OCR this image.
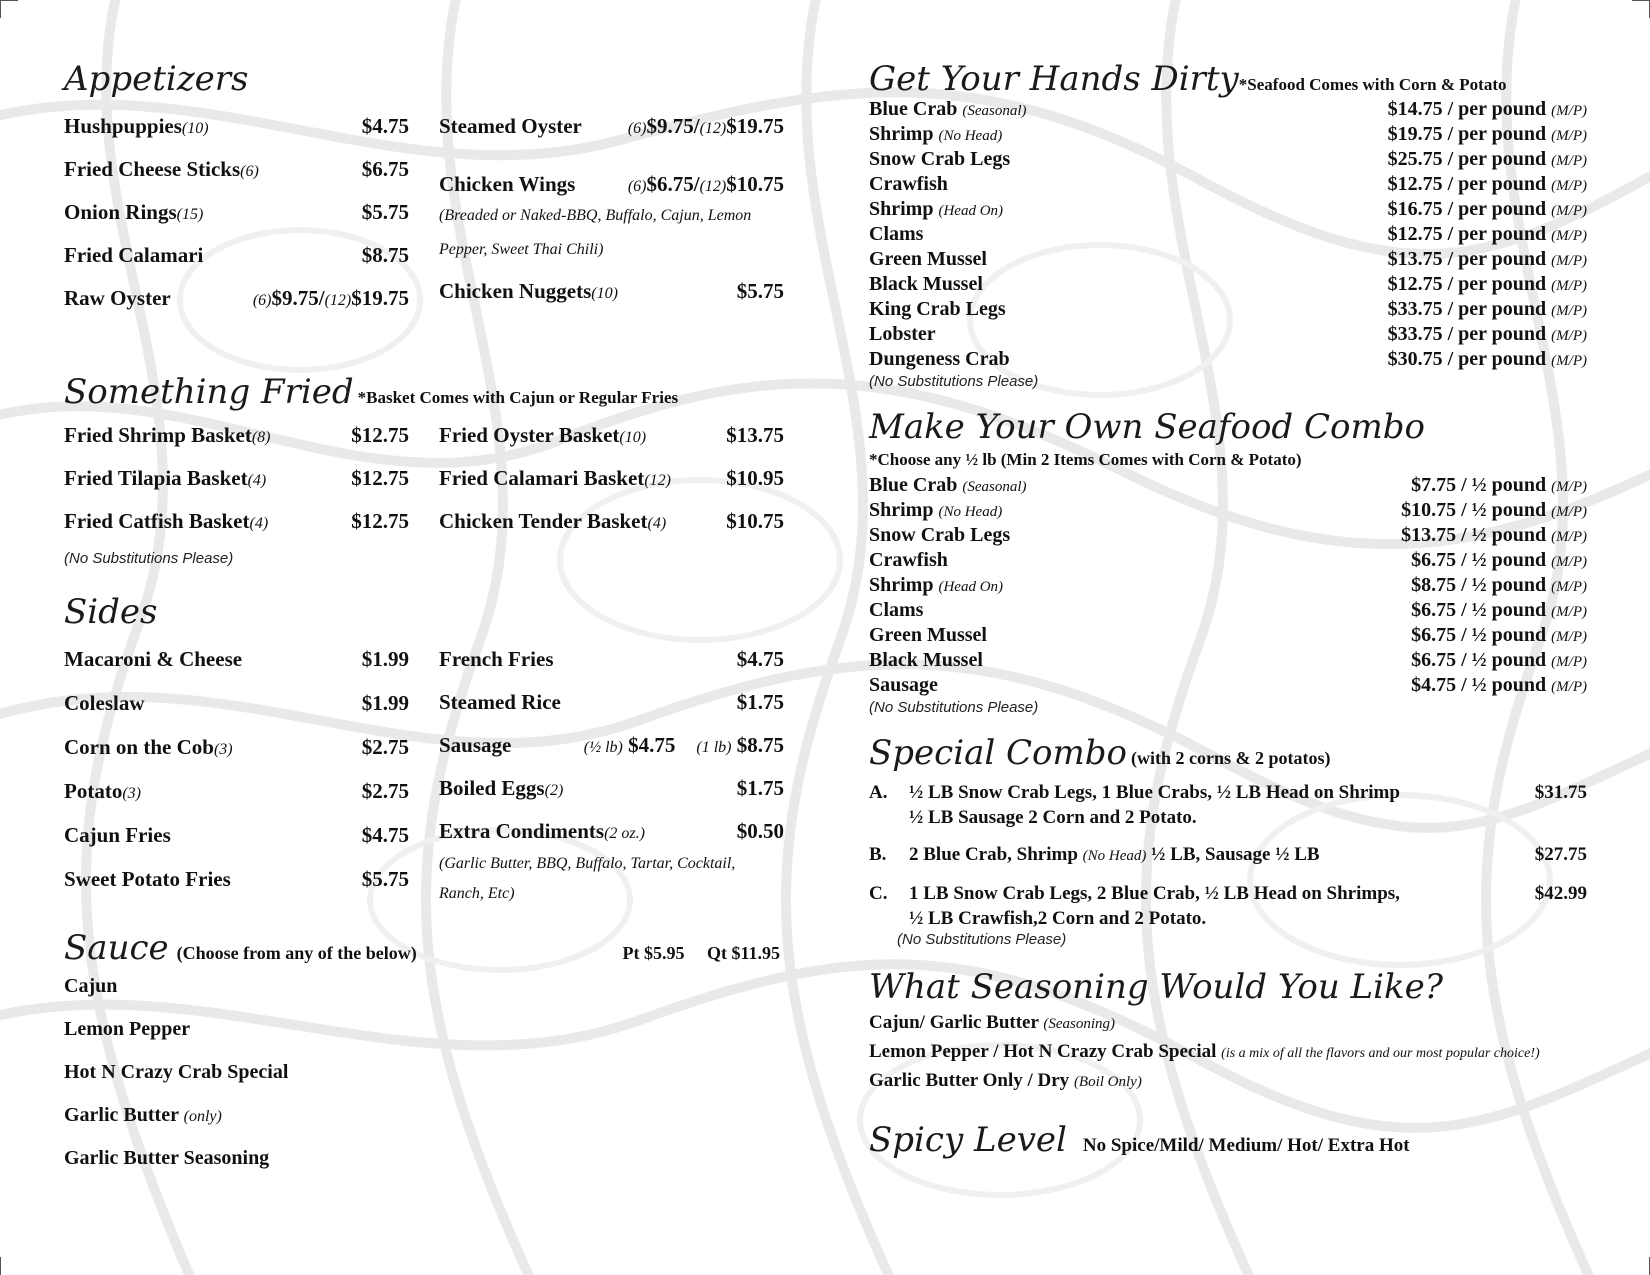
Appetizers
Hushpuppies(10)	$4.75
Fried Cheese Sticks(6)	$6.75
Onion Rings(15)	$5.75
Fried Calamari	$8.75
Raw Oyster	(6)$9.75/(12)$19.75
Steamed Oyster	(6)$9.75/(12)$19.75
Chicken Wings	(6)$6.75/(12)$10.75
(Breaded or Naked-BBQ, Buffalo, Cajun, Lemon Pepper, Sweet Thai Chili)
Chicken Nuggets(10)	$5.75
Something Fried *Basket Comes with Cajun or Regular Fries
Fried Shrimp Basket(8)	$12.75
Fried Tilapia Basket(4)	$12.75
Fried Catfish Basket(4)	$12.75
Fried Oyster Basket(10)	$13.75
Fried Calamari Basket(12)	$10.95
Chicken Tender Basket(4)	$10.75
(No Substitutions Please)
Sides
Macaroni & Cheese	$1.99
Coleslaw	$1.99
Corn on the Cob(3)	$2.75
Potato(3)	$2.75
Cajun Fries	$4.75
Sweet Potato Fries	$5.75
French Fries	$4.75
Steamed Rice	$1.75
Sausage	(½ lb) $4.75 (1 lb) $8.75
Boiled Eggs(2)	$1.75
Extra Condiments(2 oz.)	$0.50
(Garlic Butter, BBQ, Buffalo, Tartar, Cocktail, Ranch, Etc)
Sauce (Choose from any of the below)	Pt $5.95 Qt $11.95
Cajun
Lemon Pepper
Hot N Crazy Crab Special
Garlic Butter (only)
Garlic Butter Seasoning
Get Your Hands Dirty*Seafood Comes with Corn & Potato
Blue Crab (Seasonal)	$14.75 / per pound (M/P)
Shrimp (No Head)	$19.75 / per pound (M/P)
Snow Crab Legs	$25.75 / per pound (M/P)
Crawfish	$12.75 / per pound (M/P)
Shrimp (Head On)	$16.75 / per pound (M/P)
Clams	$12.75 / per pound (M/P)
Green Mussel	$13.75 / per pound (M/P)
Black Mussel	$12.75 / per pound (M/P)
King Crab Legs	$33.75 / per pound (M/P)
Lobster	$33.75 / per pound (M/P)
Dungeness Crab	$30.75 / per pound (M/P)
(No Substitutions Please)
Make Your Own Seafood Combo
*Choose any ½ lb (Min 2 Items Comes with Corn & Potato)
Blue Crab (Seasonal)	$7.75 / ½ pound (M/P)
Shrimp (No Head)	$10.75 / ½ pound (M/P)
Snow Crab Legs	$13.75 / ½ pound (M/P)
Crawfish	$6.75 / ½ pound (M/P)
Shrimp (Head On)	$8.75 / ½ pound (M/P)
Clams	$6.75 / ½ pound (M/P)
Green Mussel	$6.75 / ½ pound (M/P)
Black Mussel	$6.75 / ½ pound (M/P)
Sausage	$4.75 / ½ pound (M/P)
(No Substitutions Please)
Special Combo (with 2 corns & 2 potatos)
A.	½ LB Snow Crab Legs, 1 Blue Crabs, ½ LB Head on Shrimp
½ LB Sausage 2 Corn and 2 Potato.
$31.75
B.	2 Blue Crab, Shrimp (No Head) ½ LB, Sausage ½ LB	$27.75
C.	1 LB Snow Crab Legs, 2 Blue Crab, ½ LB Head on Shrimps,
½ LB Crawfish,2 Corn and 2 Potato.
$42.99
(No Substitutions Please)
What Seasoning Would You Like?
Cajun/ Garlic Butter (Seasoning)
Lemon Pepper / Hot N Crazy Crab Special (is a mix of all the flavors and our most popular choice!)
Garlic Butter Only / Dry (Boil Only)
Spicy Level No Spice/Mild/ Medium/ Hot/ Extra Hot
